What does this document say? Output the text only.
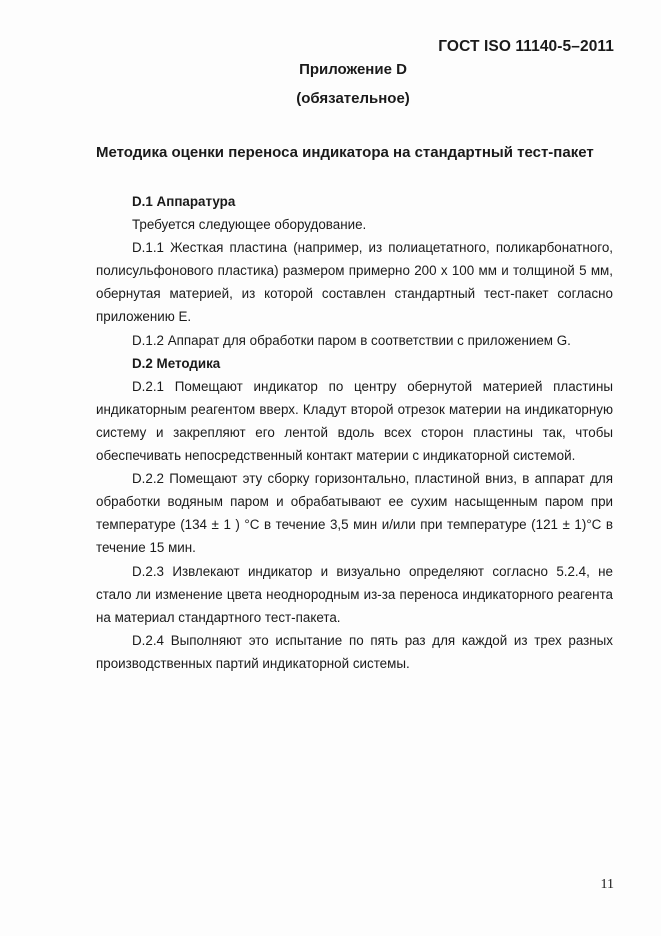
ГОСТ ISO 11140-5–2011
Приложение D
(обязательное)
Методика оценки переноса индикатора на стандартный тест-пакет

D.1 Аппаратура

Требуется следующее оборудование.

D.1.1 Жесткая пластина (например, из полиацетатного, поликарбонатного, полисульфонового пластика) размером примерно 200 х 100 мм и толщиной 5 мм, обернутая материей, из которой составлен стандартный тест-пакет согласно приложению Е.

D.1.2 Аппарат для обработки паром в соответствии с приложением G.

D.2 Методика

D.2.1 Помещают индикатор по центру обернутой материей пластины индикаторным реагентом вверх. Кладут второй отрезок материи на индикаторную систему и закрепляют его лентой вдоль всех сторон пластины так, чтобы обеспечивать непосредственный контакт материи с индикаторной системой.

D.2.2 Помещают эту сборку горизонтально, пластиной вниз, в аппарат для обработки водяным паром и обрабатывают ее сухим насыщенным паром при температуре (134 ± 1 ) °С в течение 3,5 мин и/или при температуре (121 ± 1)°С в течение 15 мин.

D.2.3 Извлекают индикатор и визуально определяют согласно 5.2.4, не стало ли изменение цвета неоднородным из-за переноса индикаторного реагента на материал стандартного тест-пакета.

D.2.4 Выполняют это испытание по пять раз для каждой из трех разных производственных партий индикаторной системы.

11
